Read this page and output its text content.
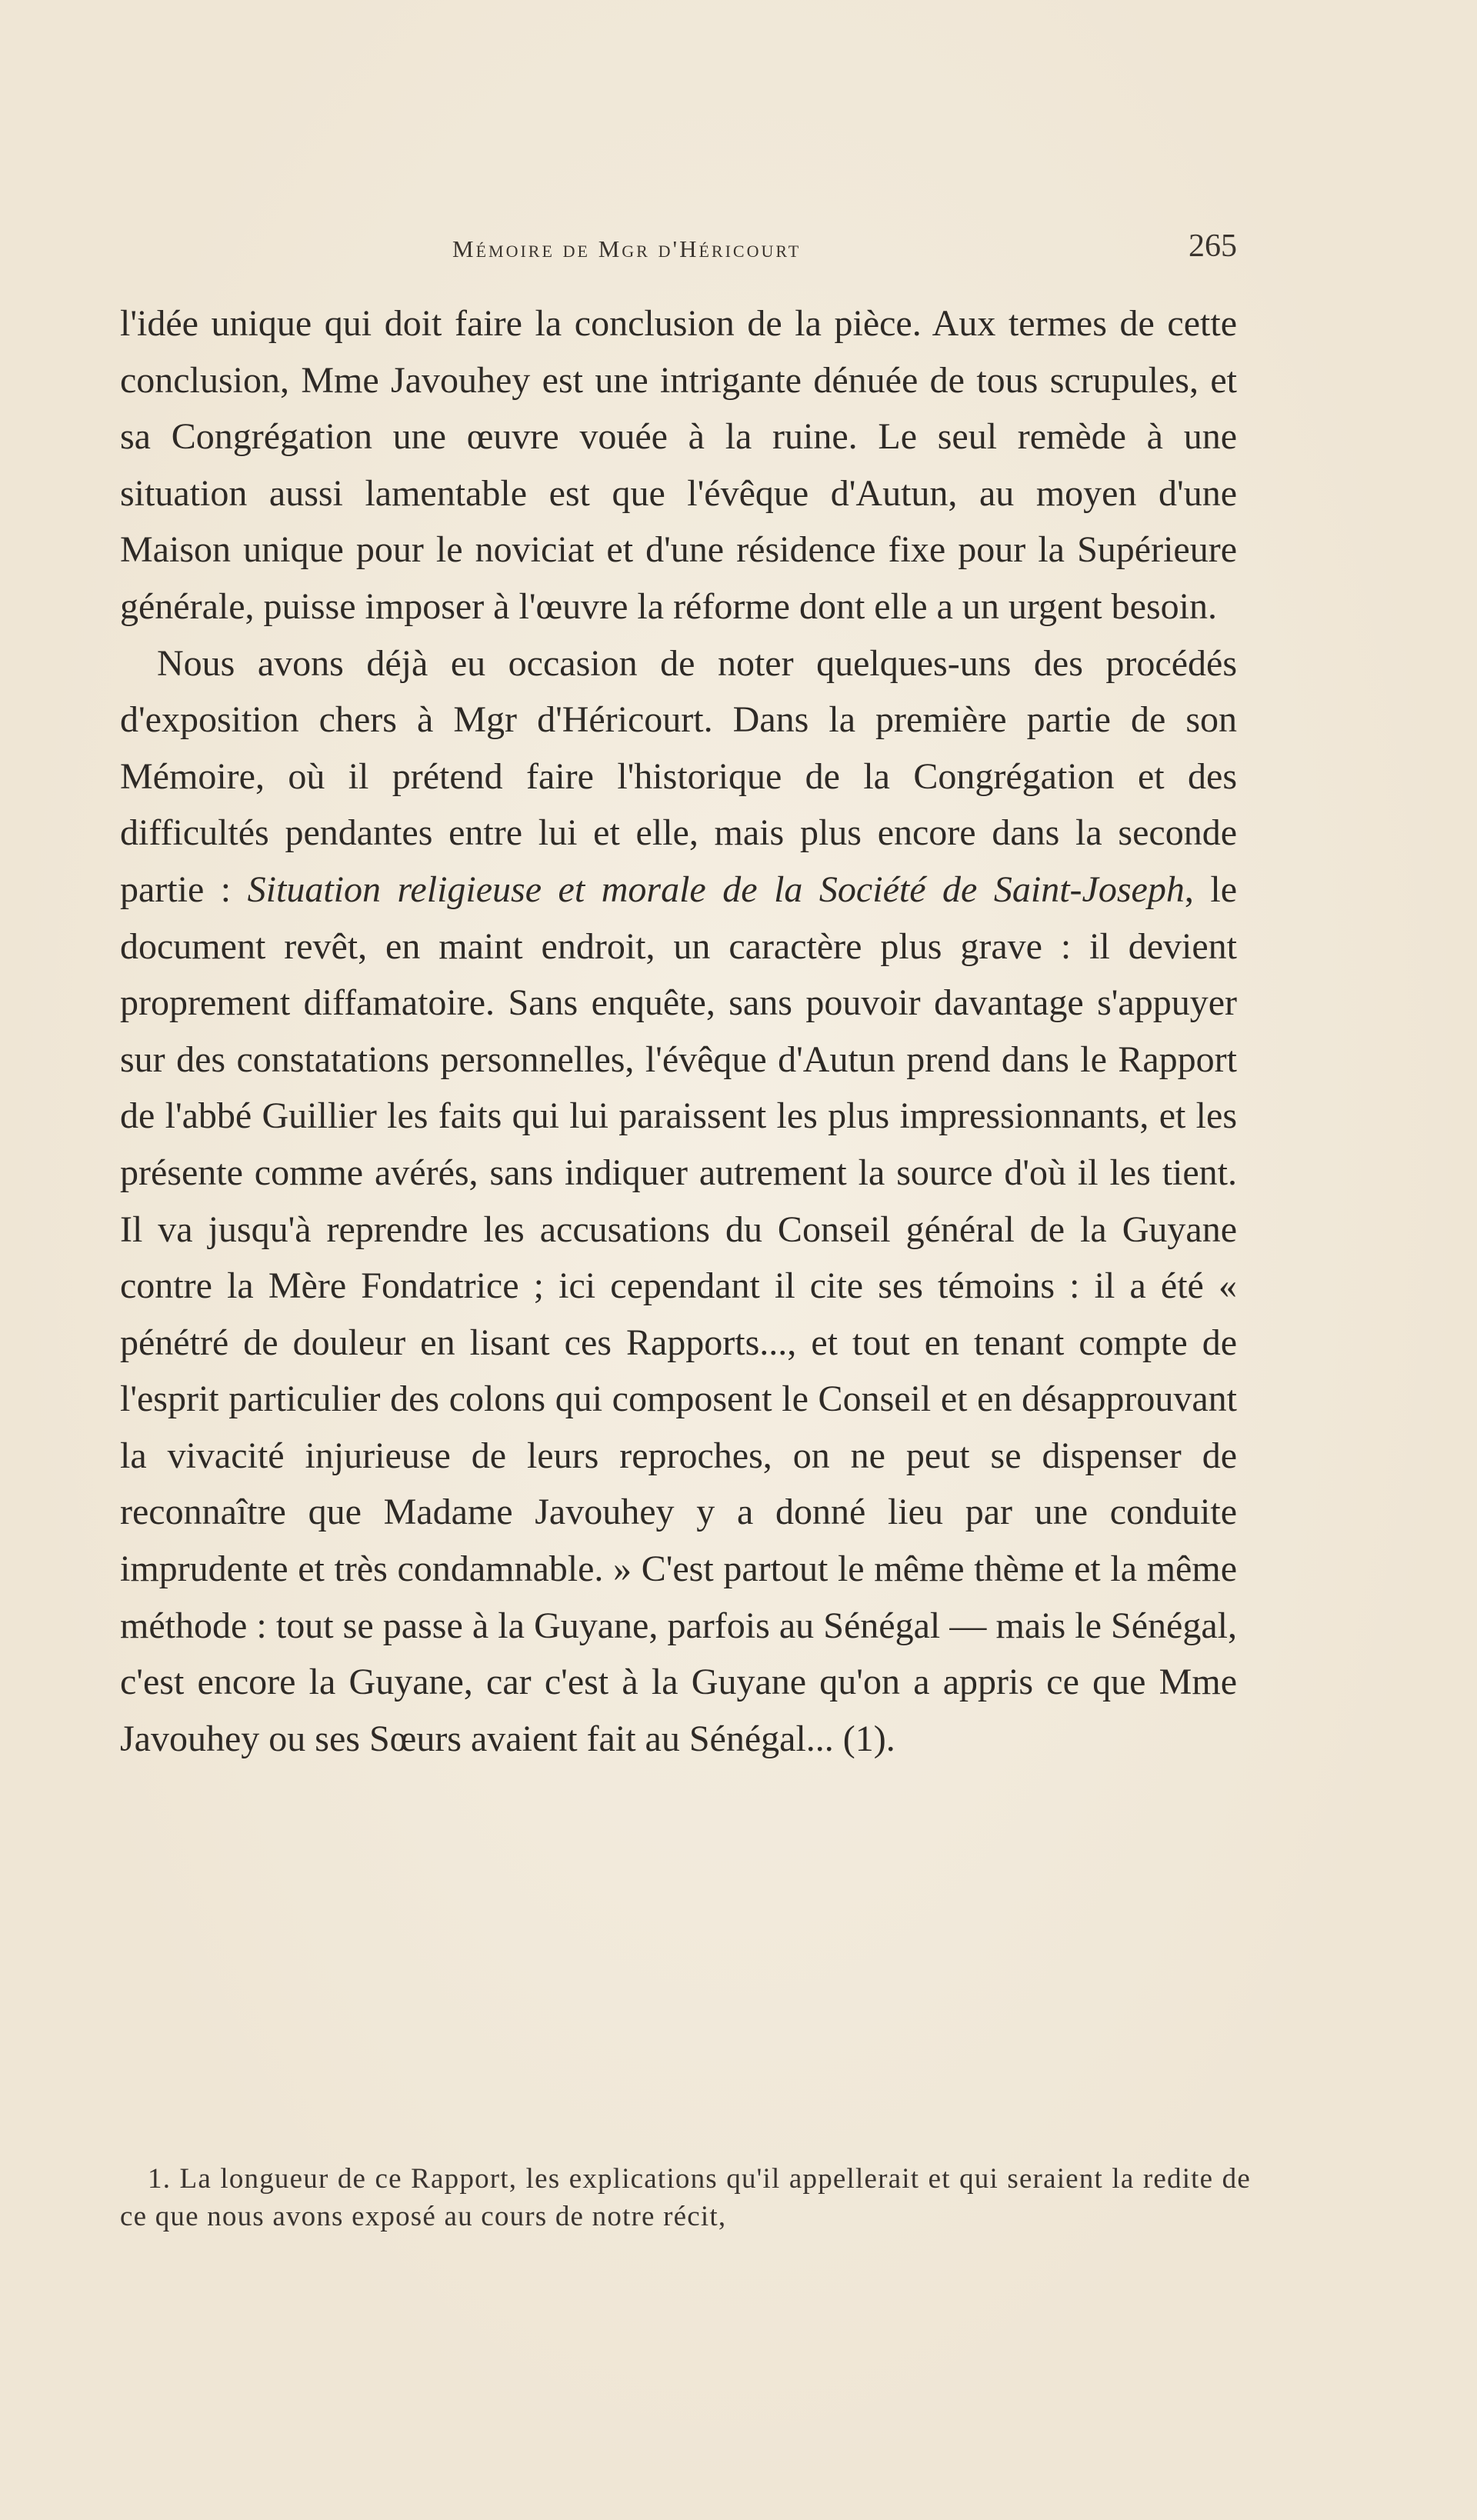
Mémoire de Mgr d'Héricourt	265

l'idée unique qui doit faire la conclusion de la pièce. Aux termes de cette conclusion, Mme Javouhey est une intrigante dénuée de tous scrupules, et sa Congrégation une œuvre vouée à la ruine. Le seul remède à une situation aussi lamentable est que l'évêque d'Autun, au moyen d'une Maison unique pour le noviciat et d'une résidence fixe pour la Supérieure générale, puisse imposer à l'œuvre la réforme dont elle a un urgent besoin.

Nous avons déjà eu occasion de noter quelques-uns des procédés d'exposition chers à Mgr d'Héricourt. Dans la première partie de son Mémoire, où il prétend faire l'historique de la Congrégation et des difficultés pendantes entre lui et elle, mais plus encore dans la seconde partie : Situation religieuse et morale de la Société de Saint-Joseph, le document revêt, en maint endroit, un caractère plus grave : il devient proprement diffamatoire. Sans enquête, sans pouvoir davantage s'appuyer sur des constatations personnelles, l'évêque d'Autun prend dans le Rapport de l'abbé Guillier les faits qui lui paraissent les plus impressionnants, et les présente comme avérés, sans indiquer autrement la source d'où il les tient. Il va jusqu'à reprendre les accusations du Conseil général de la Guyane contre la Mère Fondatrice ; ici cependant il cite ses témoins : il a été « pénétré de douleur en lisant ces Rapports..., et tout en tenant compte de l'esprit particulier des colons qui composent le Conseil et en désapprouvant la vivacité injurieuse de leurs reproches, on ne peut se dispenser de reconnaître que Madame Javouhey y a donné lieu par une conduite imprudente et très condamnable. » C'est partout le même thème et la même méthode : tout se passe à la Guyane, parfois au Sénégal — mais le Sénégal, c'est encore la Guyane, car c'est à la Guyane qu'on a appris ce que Mme Javouhey ou ses Sœurs avaient fait au Sénégal... (1).

1. La longueur de ce Rapport, les explications qu'il appellerait et qui seraient la redite de ce que nous avons exposé au cours de notre récit,
